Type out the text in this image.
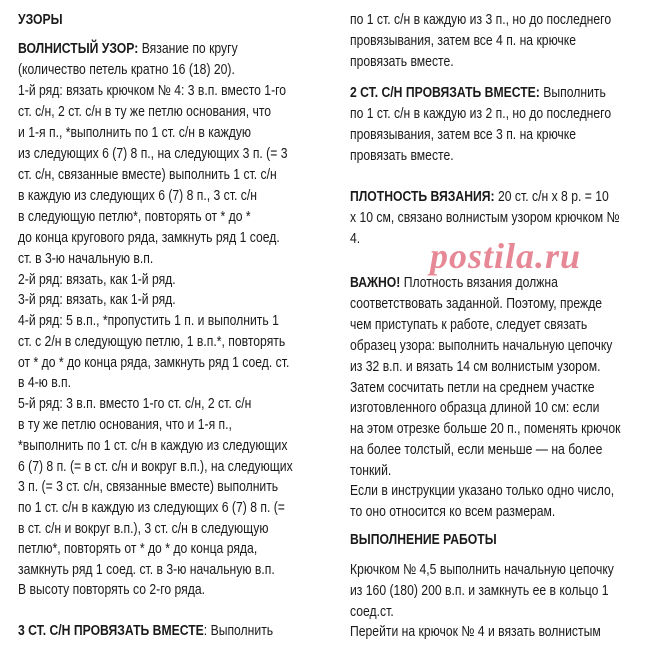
УЗОРЫ
ВОЛНИСТЫЙ УЗОР: Вязание по кругу
(количество петель кратно 16 (18) 20).
1-й ряд: вязать крючком № 4: 3 в.п. вместо 1-го
ст. с/н, 2 ст. с/н в ту же петлю основания, что
и 1-я п., *выполнить по 1 ст. с/н в каждую
из следующих 6 (7) 8 п., на следующих 3 п. (= 3
ст. с/н, связанные вместе) выполнить 1 ст. с/н
в каждую из следующих 6 (7) 8 п., 3 ст. с/н
в следующую петлю*, повторять от * до *
до конца кругового ряда, замкнуть ряд 1 соед.
ст. в 3-ю начальную в.п.
2-й ряд: вязать, как 1-й ряд.
3-й ряд: вязать, как 1-й ряд.
4-й ряд: 5 в.п., *пропустить 1 п. и выполнить 1
ст. с 2/н в следующую петлю, 1 в.п.*, повторять
от * до * до конца ряда, замкнуть ряд 1 соед. ст.
в 4-ю в.п.
5-й ряд: 3 в.п. вместо 1-го ст. с/н, 2 ст. с/н
в ту же петлю основания, что и 1-я п.,
*выполнить по 1 ст. с/н в каждую из следующих
6 (7) 8 п. (= в ст. с/н и вокруг в.п.), на следующих
3 п. (= 3 ст. с/н, связанные вместе) выполнить
по 1 ст. с/н в каждую из следующих 6 (7) 8 п. (=
в ст. с/н и вокруг в.п.), 3 ст. с/н в следующую
петлю*, повторять от * до * до конца ряда,
замкнуть ряд 1 соед. ст. в 3-ю начальную в.п.
В высоту повторять со 2-го ряда.
3 СТ. С/Н ПРОВЯЗАТЬ ВМЕСТЕ: Выполнить
по 1 ст. с/н в каждую из 3 п., но до последнего
провязывания, затем все 4 п. на крючке
провязать вместе.
2 СТ. С/Н ПРОВЯЗАТЬ ВМЕСТЕ: Выполнить
по 1 ст. с/н в каждую из 2 п., но до последнего
провязывания, затем все 3 п. на крючке
провязать вместе.
ПЛОТНОСТЬ ВЯЗАНИЯ: 20 ст. с/н х 8 р. = 10
х 10 см, связано волнистым узором крючком №
4.
ВАЖНО! Плотность вязания должна
соответствовать заданной. Поэтому, прежде
чем приступать к работе, следует связать
образец узора: выполнить начальную цепочку
из 32 в.п. и вязать 14 см волнистым узором.
Затем сосчитать петли на среднем участке
изготовленного образца длиной 10 см: если
на этом отрезке больше 20 п., поменять крючок
на более толстый, если меньше — на более
тонкий.
Если в инструкции указано только одно число,
то оно относится ко всем размерам.
ВЫПОЛНЕНИЕ РАБОТЫ
Крючком № 4,5 выполнить начальную цепочку
из 160 (180) 200 в.п. и замкнуть ее в кольцо 1
соед.ст.
Перейти на крючок № 4 и вязать волнистым
postila.ru
